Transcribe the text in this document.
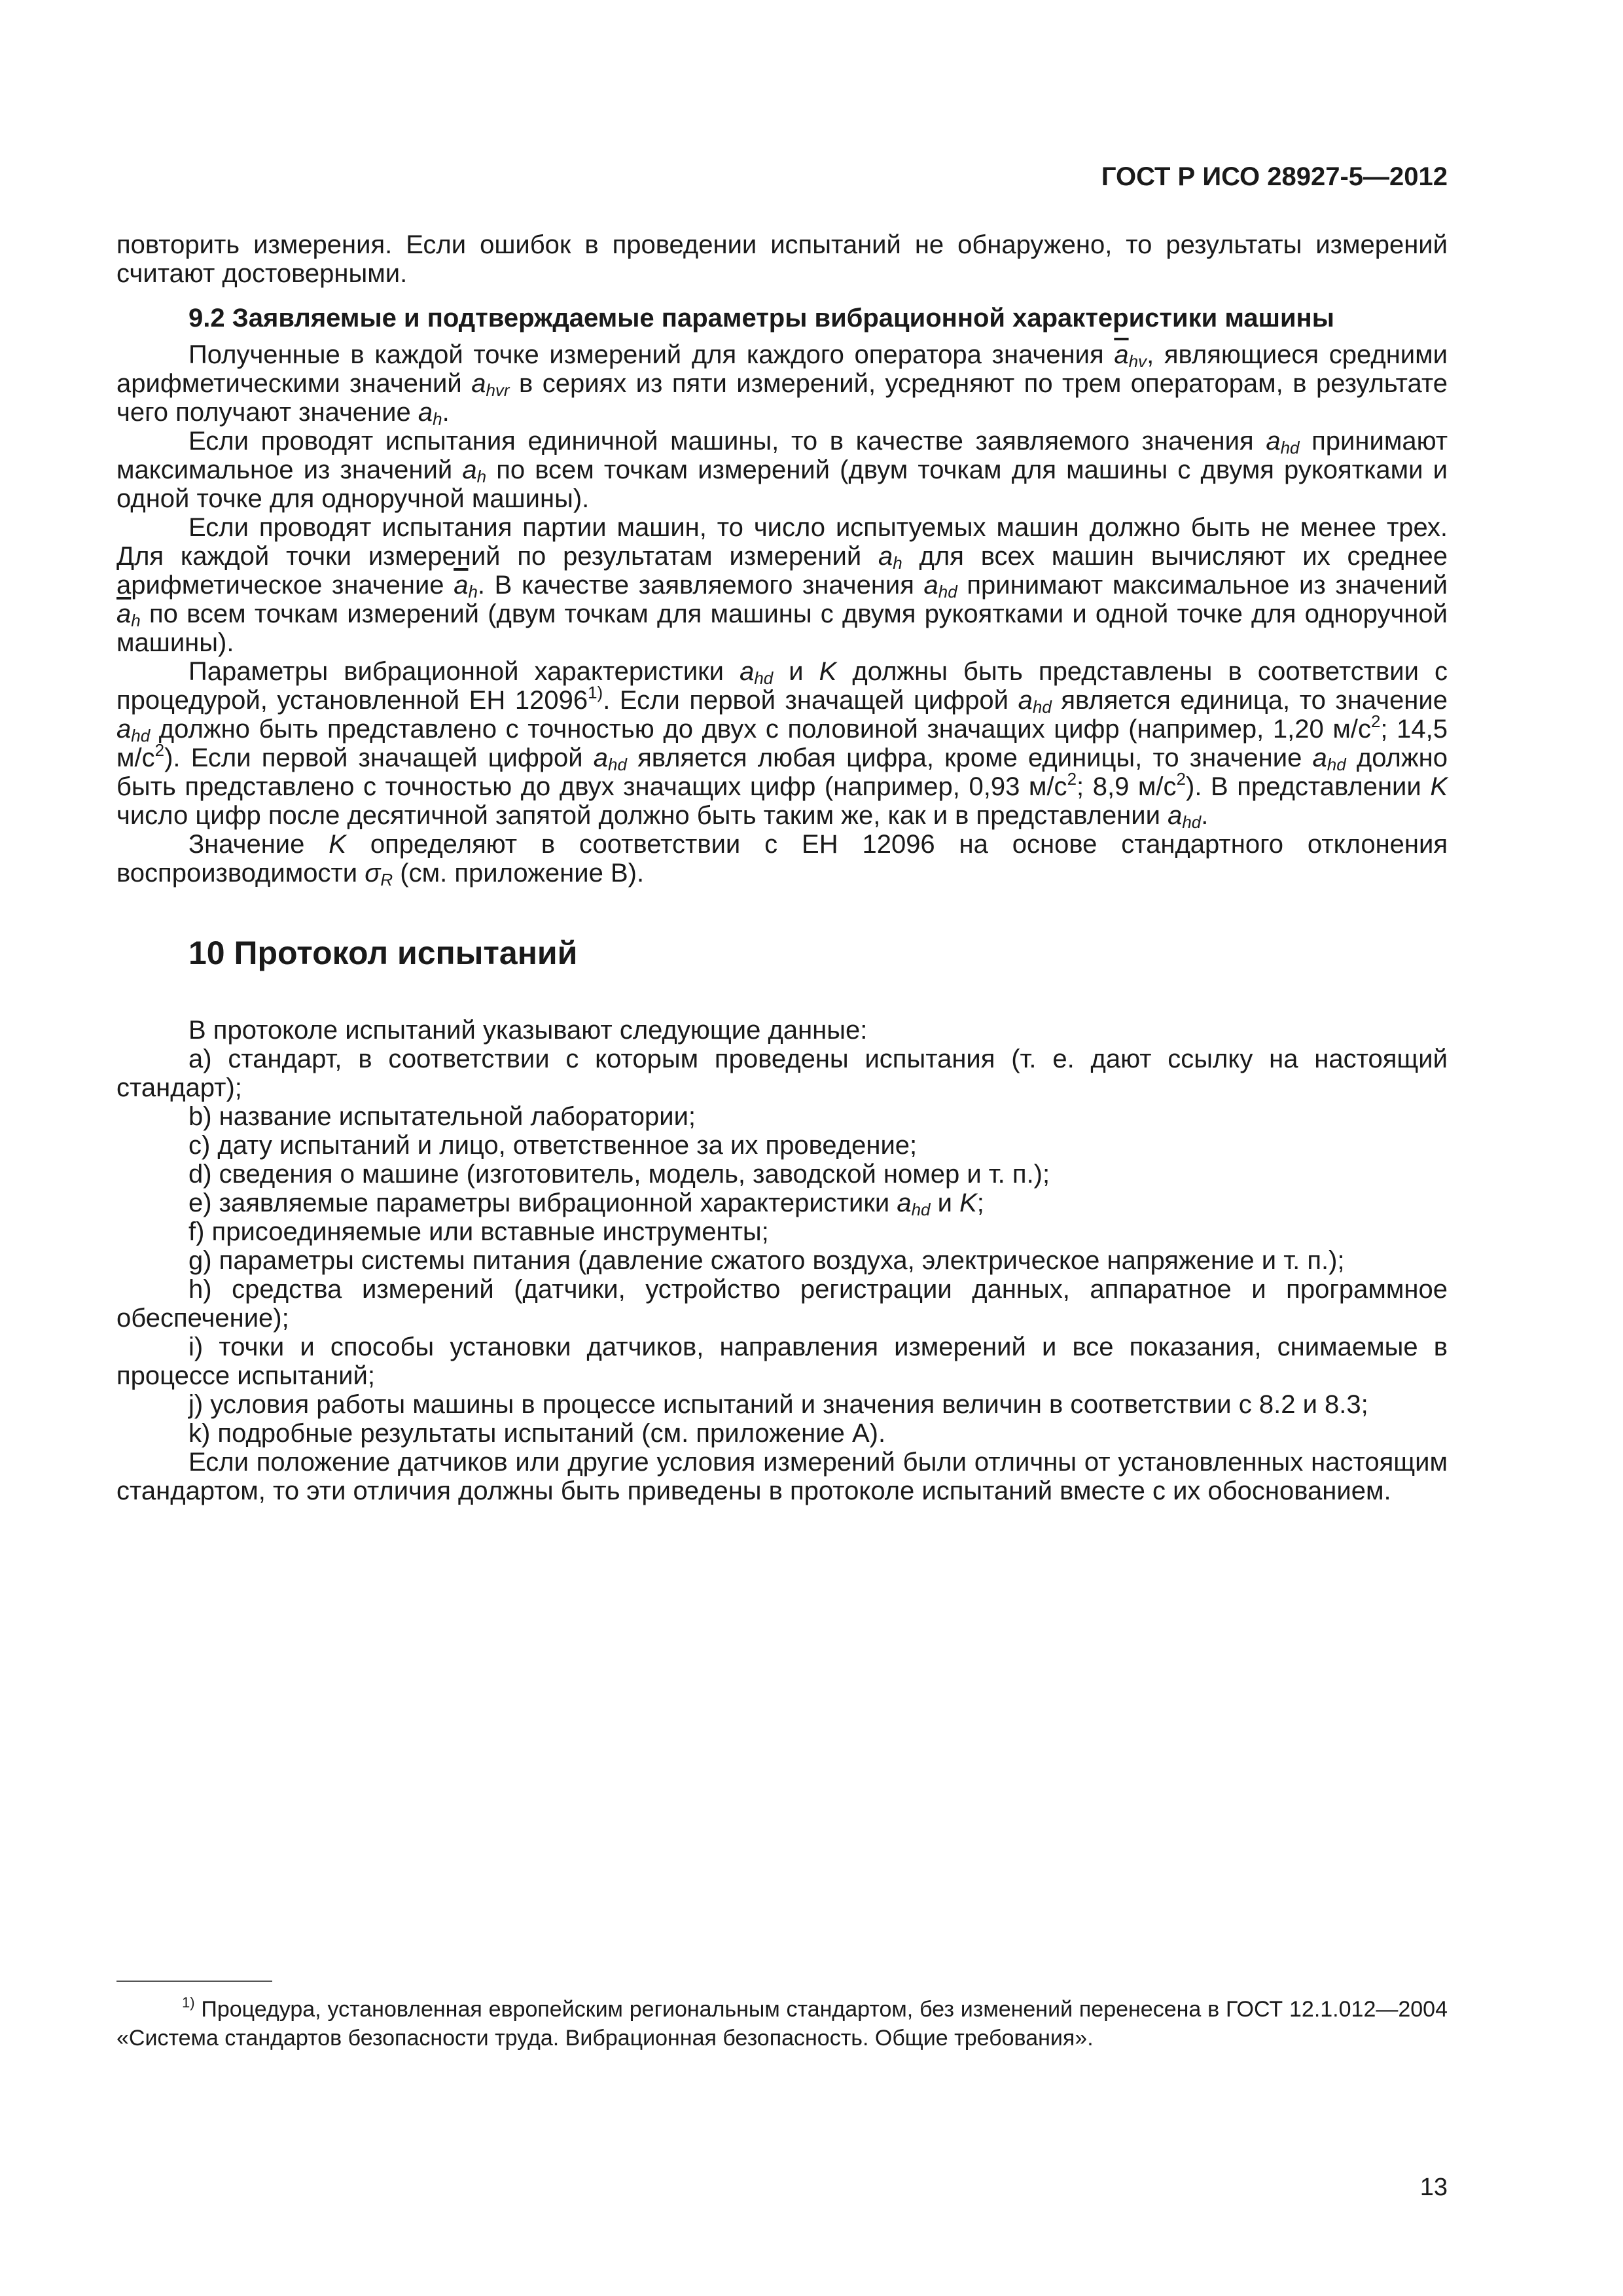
ГОСТ Р ИСО 28927-5—2012

повторить измерения. Если ошибок в проведении испытаний не обнаружено, то результаты измерений считают достоверными.

9.2 Заявляемые и подтверждаемые параметры вибрационной характеристики машины

Полученные в каждой точке измерений для каждого оператора значения $\overline{a}_{hv}$, являющиеся средними арифметическими значений $a_{hvr}$ в сериях из пяти измерений, усредняют по трем операторам, в результате чего получают значение $a_h$.

Если проводят испытания единичной машины, то в качестве заявляемого значения $a_{hd}$ принимают максимальное из значений $a_h$ по всем точкам измерений (двум точкам для машины с двумя рукоятками и одной точке для одноручной машины).

Если проводят испытания партии машин, то число испытуемых машин должно быть не менее трех. Для каждой точки измерений по результатам измерений $a_h$ для всех машин вычисляют их среднее арифметическое значение $\overline{a}_h$. В качестве заявляемого значения $a_{hd}$ принимают максимальное из значений $\overline{a}_h$ по всем точкам измерений (двум точкам для машины с двумя рукоятками и одной точке для одноручной машины).

Параметры вибрационной характеристики $a_{hd}$ и K должны быть представлены в соответствии с процедурой, установленной ЕН 12096$^{1)}$. Если первой значащей цифрой $a_{hd}$ является единица, то значение $a_{hd}$ должно быть представлено с точностью до двух с половиной значащих цифр (например, 1,20 $м/с^2$; 14,5 $м/с^2$). Если первой значащей цифрой $a_{hd}$ является любая цифра, кроме единицы, то значение $a_{hd}$ должно быть представлено с точностью до двух значащих цифр (например, 0,93 $м/с^2$; 8,9 $м/с^2$). В представлении K число цифр после десятичной запятой должно быть таким же, как и в представлении $a_{hd}$.

Значение K определяют в соответствии с ЕН 12096 на основе стандартного отклонения воспроизводимости $\sigma_R$ (см. приложение В).

10 Протокол испытаний

В протоколе испытаний указывают следующие данные:

a) стандарт, в соответствии с которым проведены испытания (т. е. дают ссылку на настоящий стандарт);

b) название испытательной лаборатории;

c) дату испытаний и лицо, ответственное за их проведение;

d) сведения о машине (изготовитель, модель, заводской номер и т. п.);

e) заявляемые параметры вибрационной характеристики $a_{hd}$ и K;

f) присоединяемые или вставные инструменты;

g) параметры системы питания (давление сжатого воздуха, электрическое напряжение и т. п.);

h) средства измерений (датчики, устройство регистрации данных, аппаратное и программное обеспечение);

i) точки и способы установки датчиков, направления измерений и все показания, снимаемые в процессе испытаний;

j) условия работы машины в процессе испытаний и значения величин в соответствии с 8.2 и 8.3;

k) подробные результаты испытаний (см. приложение А).

Если положение датчиков или другие условия измерений были отличны от установленных настоящим стандартом, то эти отличия должны быть приведены в протоколе испытаний вместе с их обоснованием.

$^{1)}$ Процедура, установленная европейским региональным стандартом, без изменений перенесена в ГОСТ 12.1.012—2004 «Система стандартов безопасности труда. Вибрационная безопасность. Общие требования».
13
